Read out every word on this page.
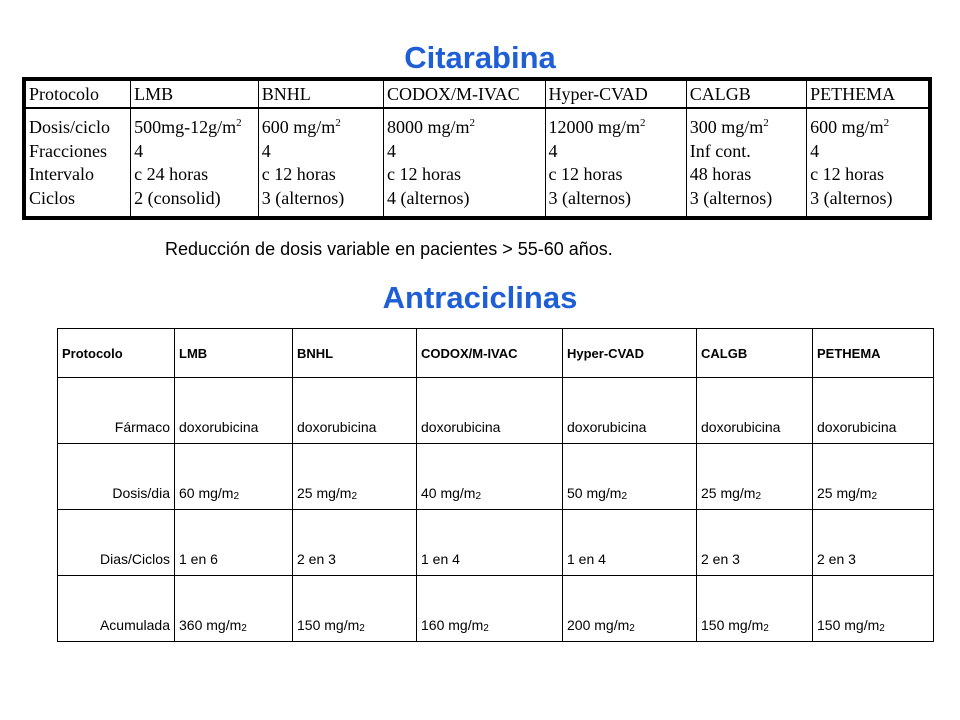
Citarabina
Protocolo	LMB	BNHL	CODOX/M-IVAC	Hyper-CVAD	CALGB	PETHEMA
Dosis/ciclo	$500mg-12g/m^2$	600 $mg/m^2$	8000 $mg/m^2$	12000 $mg/m^2$	300 $mg/m^2$	600 $mg/m^2$
Fracciones	4	4	4	4	Inf cont.	4
Intervalo	c 24 horas	c 12 horas	c 12 horas	c 12 horas	48 horas	c 12 horas
Ciclos	2 (consolid)	3 (alternos)	4 (alternos)	3 (alternos)	3 (alternos)	3 (alternos)
Reducción de dosis variable en pacientes > 55-60 años.
Antraciclinas
Protocolo	LMB	BNHL	CODOX/M-IVAC	Hyper-CVAD	CALGB	PETHEMA
Fármaco	doxorubicina	doxorubicina	doxorubicina	doxorubicina	doxorubicina	doxorubicina
Dosis/dia	60 $mg/m_2$	25 $mg/m_2$	40 $mg/m_2$	50 $mg/m_2$	25 $mg/m_2$	25 $mg/m_2$
Dias/Ciclos	1 en 6	2 en 3	1 en 4	1 en 4	2 en 3	2 en 3
Acumulada	360 $mg/m_2$	150 $mg/m_2$	160 $mg/m_2$	200 $mg/m_2$	150 $mg/m_2$	150 $mg/m_2$
